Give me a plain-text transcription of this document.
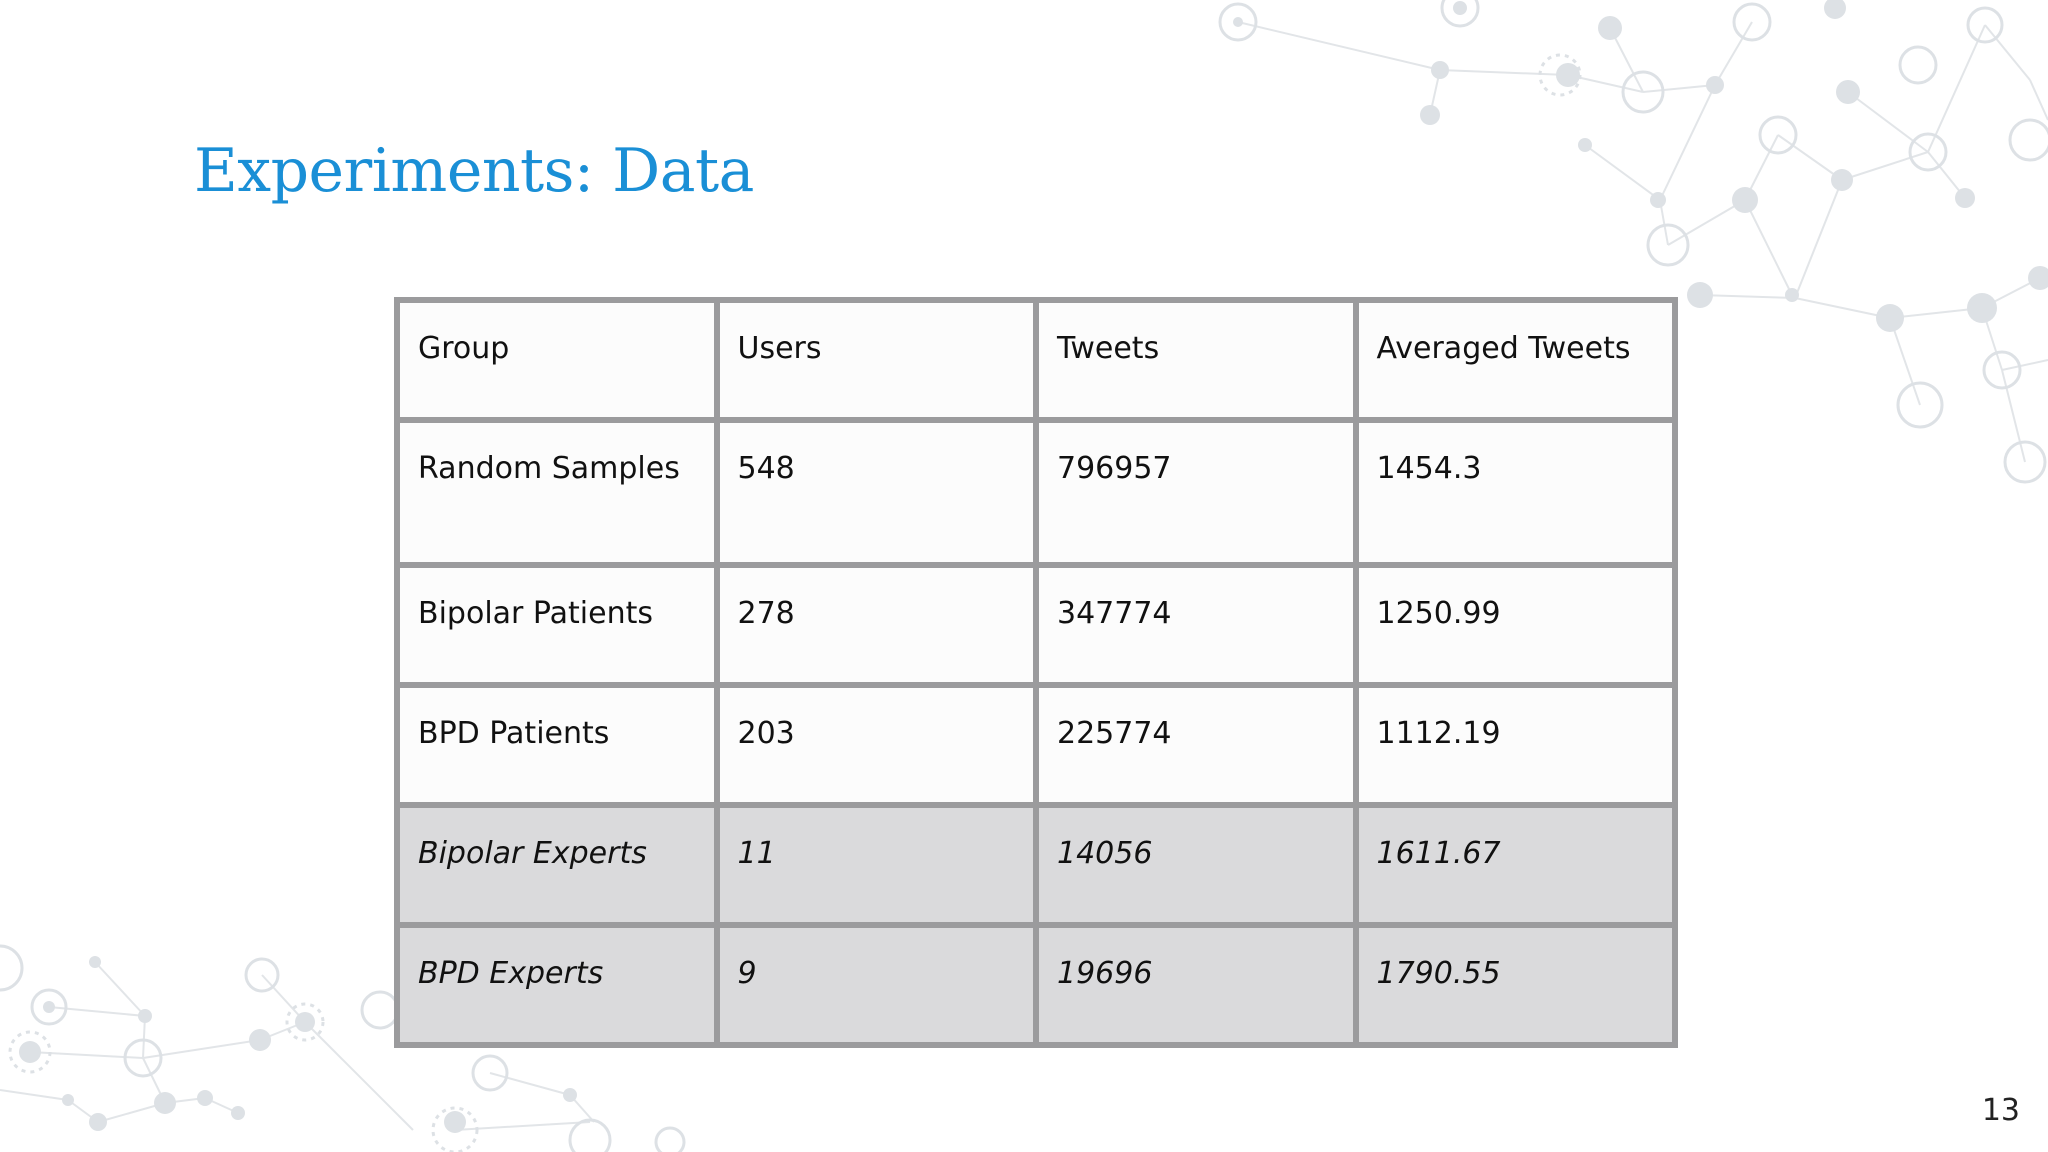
Experiments: Data
Group	Users	Tweets	Averaged Tweets
Random Samples	548	796957	1454.3
Bipolar Patients	278	347774	1250.99
BPD Patients	203	225774	1112.19
Bipolar Experts	11	14056	1611.67
BPD Experts	9	19696	1790.55
13
